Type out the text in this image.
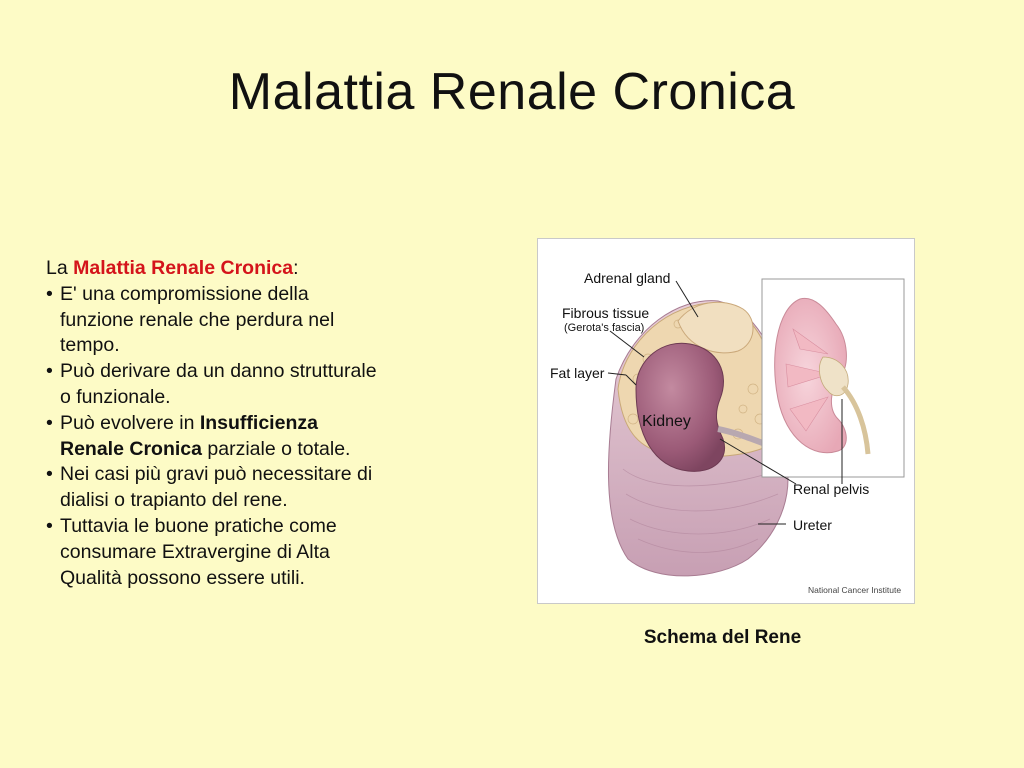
Malattia Renale Cronica

La Malattia Renale Cronica:

• E' una compromissione della
funzione renale che perdura nel
tempo.
• Può derivare da un danno strutturale
o funzionale.
• Può evolvere in Insufficienza
Renale Cronica parziale o totale.
• Nei casi più gravi può necessitare di
dialisi o trapianto del rene.
• Tuttavia le buone pratiche come
consumare Extravergine di Alta
Qualità possono essere utili.
Adrenal gland
Fibrous tissue
(Gerota's fascia)
Fat layer
Kidney
Renal pelvis
Ureter
National Cancer Institute
Schema del Rene
